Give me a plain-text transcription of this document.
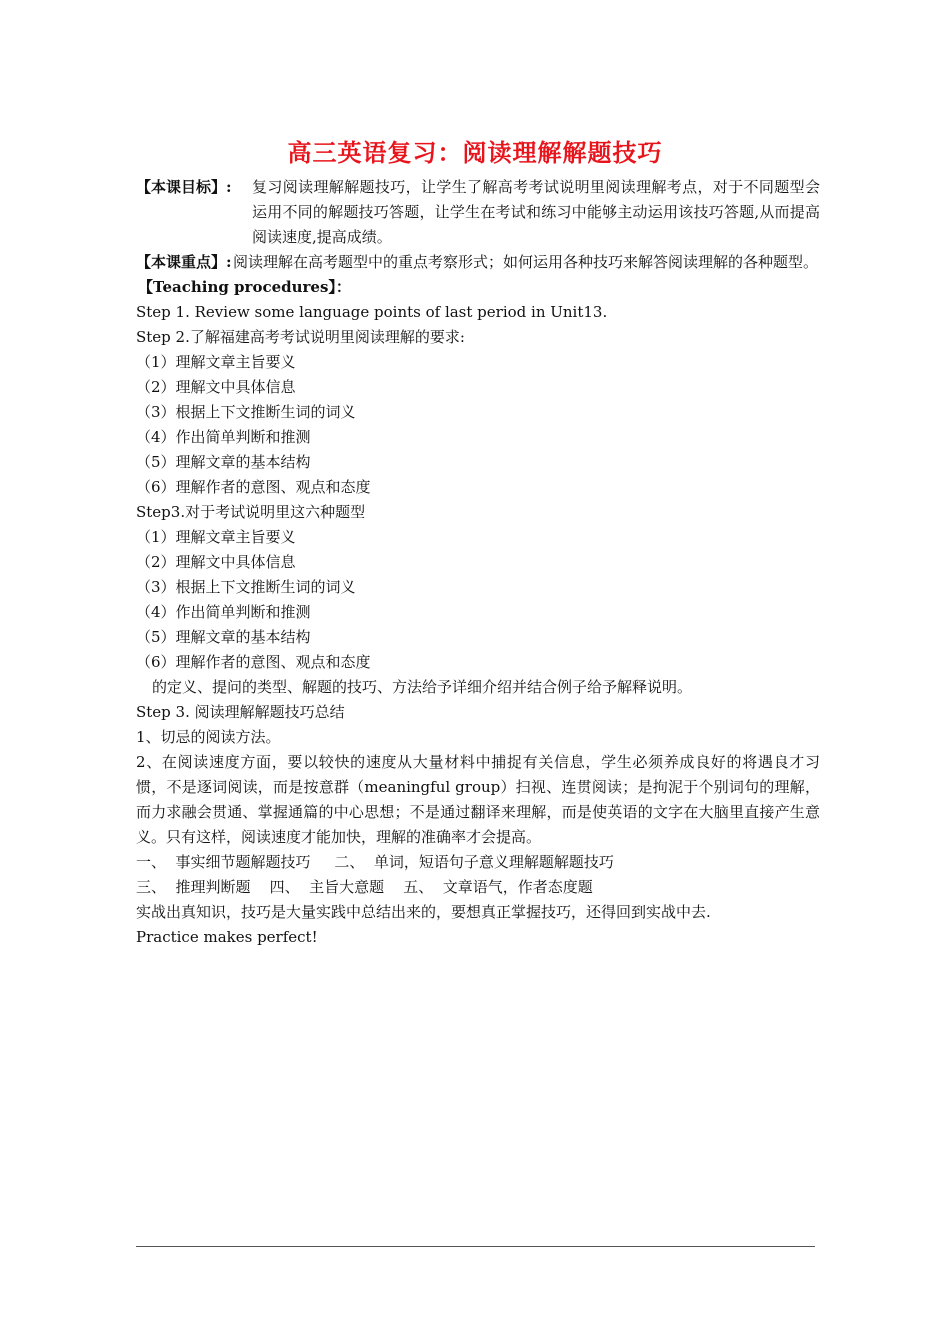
高三英语复习：阅读理解解题技巧
【本课目标】: 复习阅读理解解题技巧，让学生了解高考考试说明里阅读理解考点，对于不同题型会运用不同的解题技巧答题，让学生在考试和练习中能够主动运用该技巧答题,从而提高阅读速度,提高成绩。
【本课重点】: 阅读理解在高考题型中的重点考察形式；如何运用各种技巧来解答阅读理解的各种题型。
【Teaching procedures】：
Step 1. Review some language points of last period in Unit13.
Step 2.了解福建高考考试说明里阅读理解的要求:
（1）理解文章主旨要义
（2）理解文中具体信息
（3）根据上下文推断生词的词义
（4）作出简单判断和推测
（5）理解文章的基本结构
（6）理解作者的意图、观点和态度
Step3.对于考试说明里这六种题型
（1）理解文章主旨要义
（2）理解文中具体信息
（3）根据上下文推断生词的词义
（4）作出简单判断和推测
（5）理解文章的基本结构
（6）理解作者的意图、观点和态度
的定义、提问的类型、解题的技巧、方法给予详细介绍并结合例子给予解释说明。
Step 3. 阅读理解解题技巧总结
1、切忌的阅读方法。
2、在阅读速度方面，要以较快的速度从大量材料中捕捉有关信息，学生必须养成良好的将遇良才习惯，不是逐词阅读，而是按意群（meaningful group）扫视、连贯阅读；是拘泥于个别词句的理解，而力求融会贯通、掌握通篇的中心思想；不是通过翻译来理解，而是使英语的文字在大脑里直接产生意义。只有这样，阅读速度才能加快，理解的准确率才会提高。
一、  事实细节题解题技巧     二、  单词，短语句子意义理解题解题技巧
三、  推理判断题    四、  主旨大意题    五、  文章语气，作者态度题
实战出真知识，技巧是大量实践中总结出来的，要想真正掌握技巧，还得回到实战中去.
Practice makes perfect!
